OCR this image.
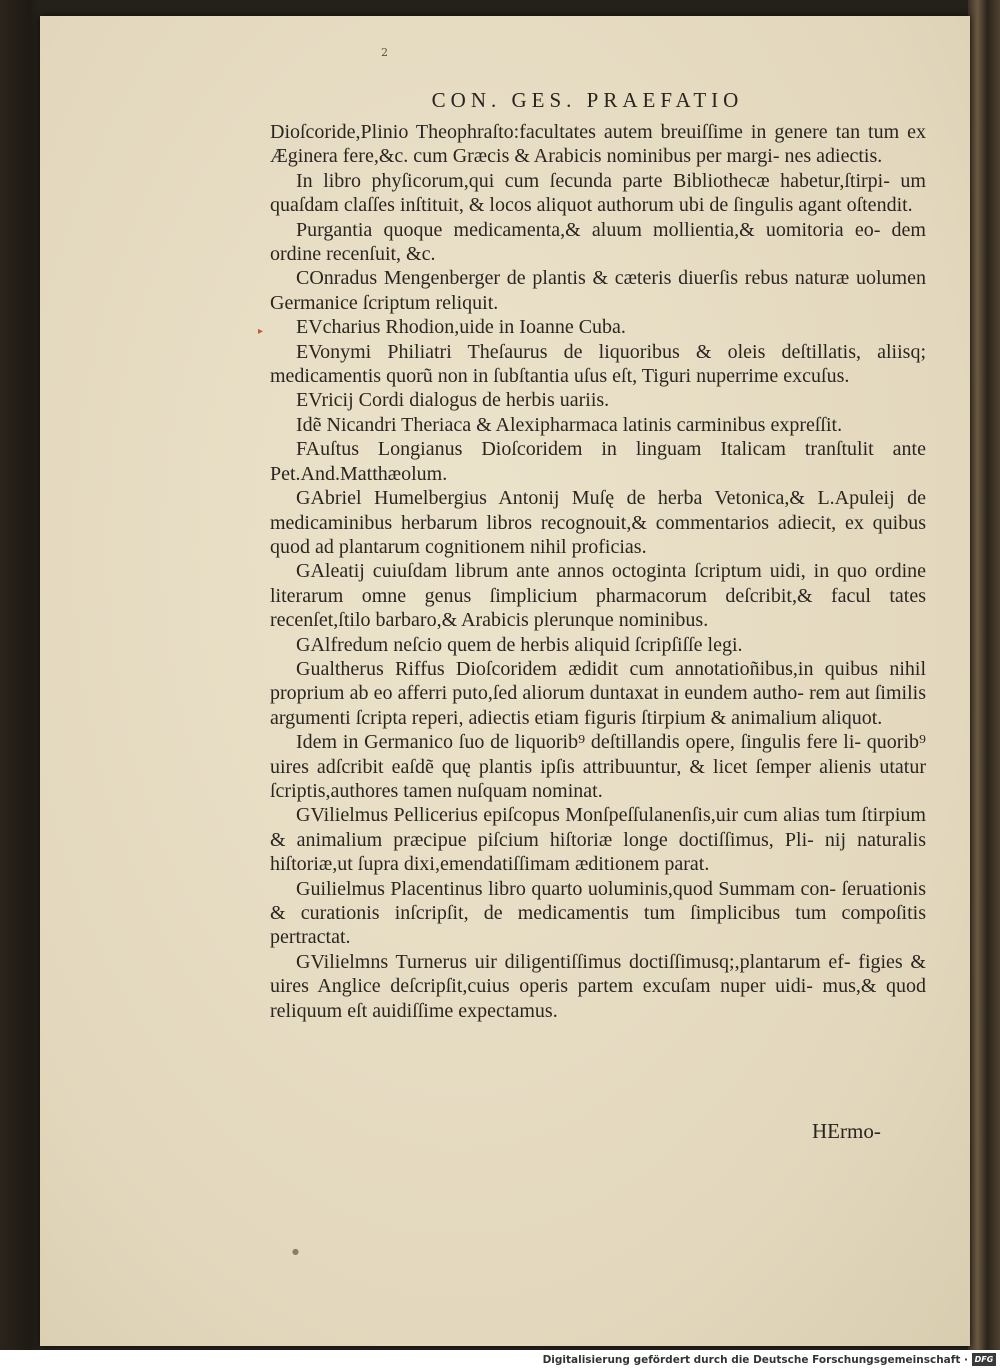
2
CON. GES. PRAEFATIO

Dioſcoride,Plinio Theophraſto:facultates autem breuiſſime in genere tan tum ex Æginera fere,&c. cum Græcis & Arabicis nominibus per margi- nes adiectis.

In libro phyſicorum,qui cum ſecunda parte Bibliothecæ habetur,ſtirpi- um quaſdam claſſes inſtituit, & locos aliquot authorum ubi de ſingulis agant oſtendit.

Purgantia quoque medicamenta,& aluum mollientia,& uomitoria eo- dem ordine recenſuit, &c.

COnradus Mengenberger de plantis & cæteris diuerſis rebus naturæ uolumen Germanice ſcriptum reliquit.

EVcharius Rhodion,uide in Ioanne Cuba.

EVonymi Philiatri Theſaurus de liquoribus & oleis deſtillatis, aliisq; medicamentis quorũ non in ſubſtantia uſus eſt, Tiguri nuperrime excuſus.

EVricij Cordi dialogus de herbis uariis.

Idẽ Nicandri Theriaca & Alexipharmaca latinis carminibus expreſſit.

FAuſtus Longianus Dioſcoridem in linguam Italicam tranſtulit ante Pet.And.Matthæolum.

GAbriel Humelbergius Antonij Muſę de herba Vetonica,& L.Apuleij de medicaminibus herbarum libros recognouit,& commentarios adiecit, ex quibus quod ad plantarum cognitionem nihil proficias.

GAleatij cuiuſdam librum ante annos octoginta ſcriptum uidi, in quo ordine literarum omne genus ſimplicium pharmacorum deſcribit,& facul tates recenſet,ſtilo barbaro,& Arabicis plerunque nominibus.

GAlfredum neſcio quem de herbis aliquid ſcripſiſſe legi.

Gualtherus Riffus Dioſcoridem ædidit cum annotatioñibus,in quibus nihil proprium ab eo afferri puto,ſed aliorum duntaxat in eundem autho- rem aut ſimilis argumenti ſcripta reperi, adiectis etiam figuris ſtirpium & animalium aliquot.

Idem in Germanico ſuo de liquorib⁹ deſtillandis opere, ſingulis fere li- quorib⁹ uires adſcribit eaſdẽ quę plantis ipſis attribuuntur, & licet ſemper alienis utatur ſcriptis,authores tamen nuſquam nominat.

GVilielmus Pellicerius epiſcopus Monſpeſſulanenſis,uir cum alias tum ſtirpium & animalium præcipue piſcium hiſtoriæ longe doctiſſimus, Pli- nij naturalis hiſtoriæ,ut ſupra dixi,emendatiſſimam æditionem parat.

Guilielmus Placentinus libro quarto uoluminis,quod Summam con- ſeruationis & curationis inſcripſit, de medicamentis tum ſimplicibus tum compoſitis pertractat.

GVilielmns Turnerus uir diligentiſſimus doctiſſimusq;,plantarum ef- figies & uires Anglice deſcripſit,cuius operis partem excuſam nuper uidi- mus,& quod reliquum eſt auidiſſime expectamus.

HErmo-
▸
●
Digitalisierung gefördert durch die Deutsche Forschungsgemeinschaft · DFG
